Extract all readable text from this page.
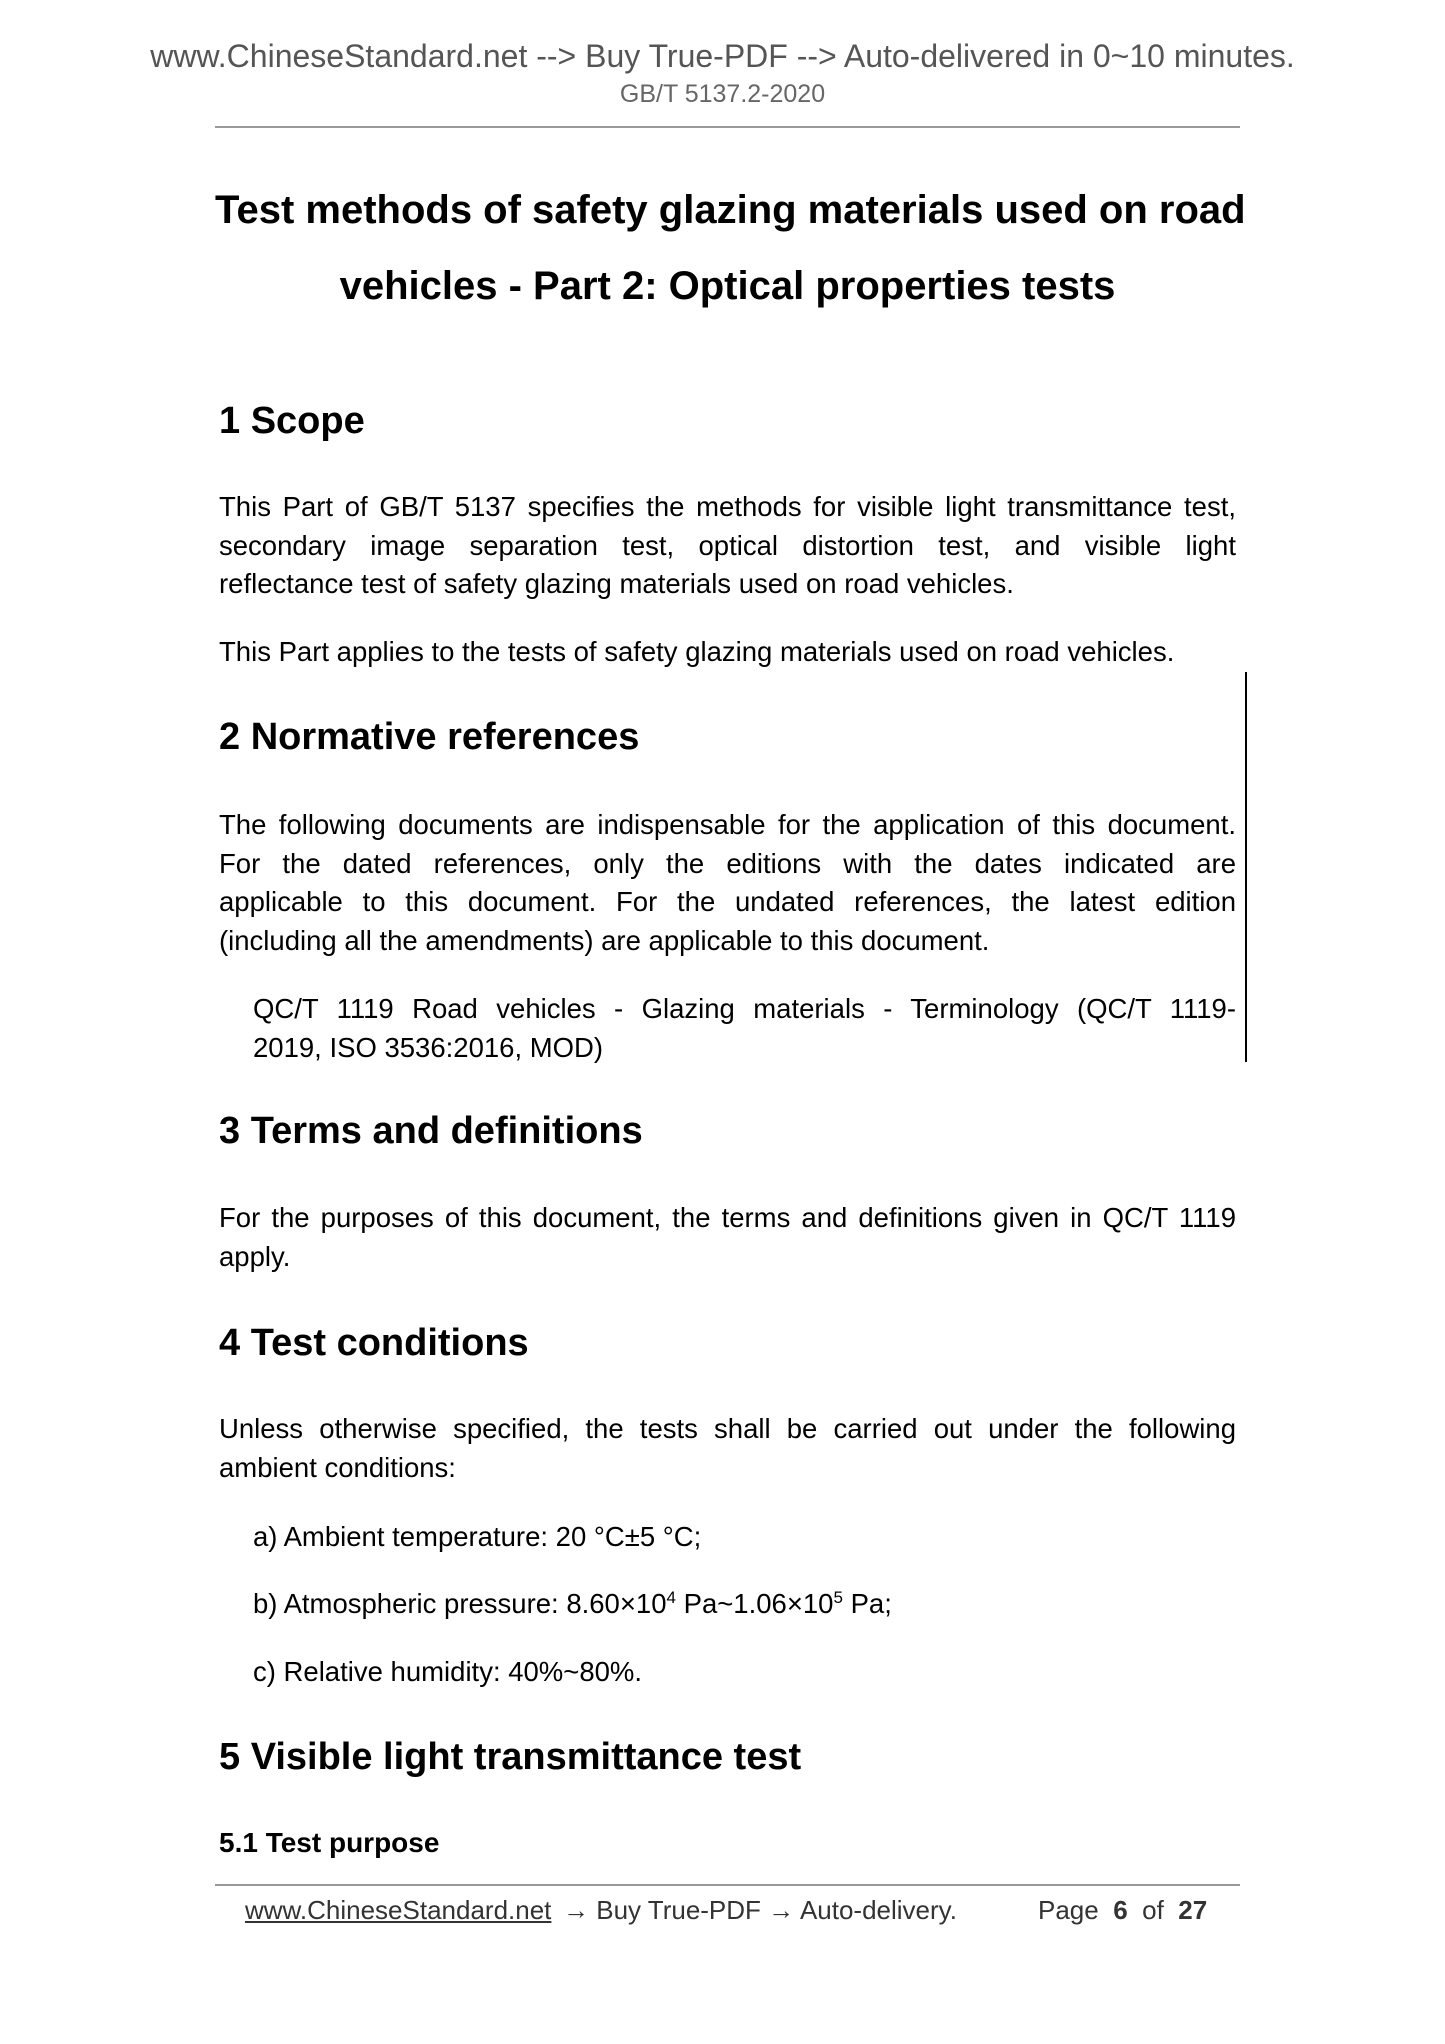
www.ChineseStandard.net --> Buy True-PDF --> Auto-delivered in 0~10 minutes.
GB/T 5137.2-2020
Test methods of safety glazing materials used on road
vehicles - Part 2: Optical properties tests
1 Scope
This Part of GB/T 5137 specifies the methods for visible light transmittance test,
secondary image separation test, optical distortion test, and visible light
reflectance test of safety glazing materials used on road vehicles.
This Part applies to the tests of safety glazing materials used on road vehicles.
2 Normative references
The following documents are indispensable for the application of this document.
For the dated references, only the editions with the dates indicated are
applicable to this document. For the undated references, the latest edition
(including all the amendments) are applicable to this document.
QC/T 1119 Road vehicles - Glazing materials - Terminology (QC/T 1119-
2019, ISO 3536:2016, MOD)
3 Terms and definitions
For the purposes of this document, the terms and definitions given in QC/T 1119
apply.
4 Test conditions
Unless otherwise specified, the tests shall be carried out under the following
ambient conditions:
a) Ambient temperature: 20 °C±5 °C;
b) Atmospheric pressure: $8.60\times 10^4$ $Pa\sim 1.06\times 10^5$ Pa;
c) Relative humidity: 40%~80%.
5 Visible light transmittance test
5.1 Test purpose
www.ChineseStandard.net → Buy True-PDF → Auto-delivery.	Page 6 of 27
